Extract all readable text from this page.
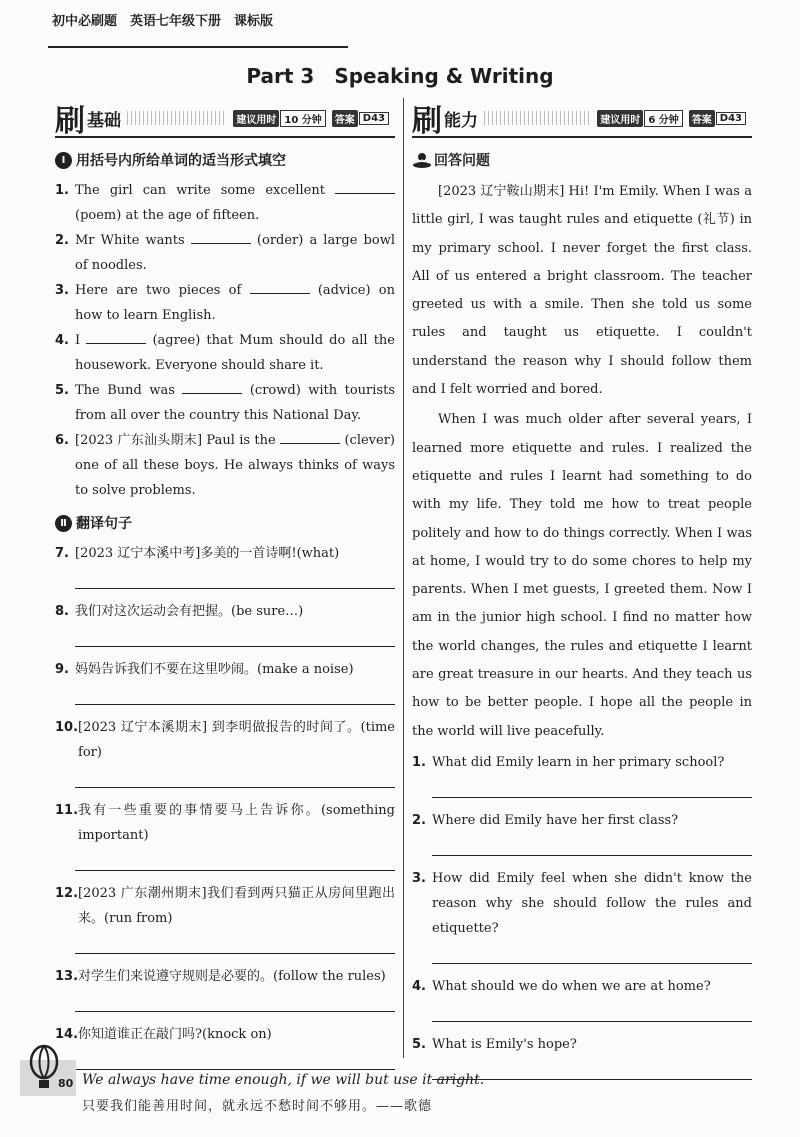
初中必刷题　英语七年级下册　课标版
Part 3　Speaking & Writing
刷 基础	建议用时 10 分钟	答案 D43
Ⅰ 用括号内所给单词的适当形式填空
1. The girl can write some excellent  (poem) at the age of fifteen.
2. Mr White wants	(order) a large bowl of noodles.
3. Here are two pieces of	(advice) on how to learn English.
4. I	(agree) that Mum should do all the housework. Everyone should share it.
5. The Bund was	(crowd) with tourists from all over the country this National Day.
6. [2023 广东汕头期末] Paul is the	(clever) one of all these boys. He always thinks of ways to solve problems.
Ⅱ 翻译句子
7. [2023 辽宁本溪中考]多美的一首诗啊!(what)
8. 我们对这次运动会有把握。(be sure…)
9. 妈妈告诉我们不要在这里吵闹。(make a noise)
10. [2023 辽宁本溪期末] 到李明做报告的时间了。(time for)
11. 我有一些重要的事情要马上告诉你。(something important)
12. [2023 广东潮州期末]我们看到两只猫正从房间里跑出来。(run from)
13. 对学生们来说遵守规则是必要的。(follow the rules)
14. 你知道谁正在敲门吗?(knock on)
刷 能力	建议用时 6 分钟	答案 D43
回答问题

[2023 辽宁鞍山期末] Hi! I'm Emily. When I was a little girl, I was taught rules and etiquette (礼节) in my primary school. I never forget the first class. All of us entered a bright classroom. The teacher greeted us with a smile. Then she told us some rules and taught us etiquette. I couldn't understand the reason why I should follow them and I felt worried and bored.

When I was much older after several years, I learned more etiquette and rules. I realized the etiquette and rules I learnt had something to do with my life. They told me how to treat people politely and how to do things correctly. When I was at home, I would try to do some chores to help my parents. When I met guests, I greeted them. Now I am in the junior high school. I find no matter how the world changes, the rules and etiquette I learnt are great treasure in our hearts. And they teach us how to be better people. I hope all the people in the world will live peacefully.

1. What did Emily learn in her primary school?
2. Where did Emily have her first class?
3. How did Emily feel when she didn't know the reason why she should follow the rules and etiquette?
4. What should we do when we are at home?
5. What is Emily's hope?
80 We always have time enough, if we will but use it aright.
只要我们能善用时间，就永远不愁时间不够用。——歌德
